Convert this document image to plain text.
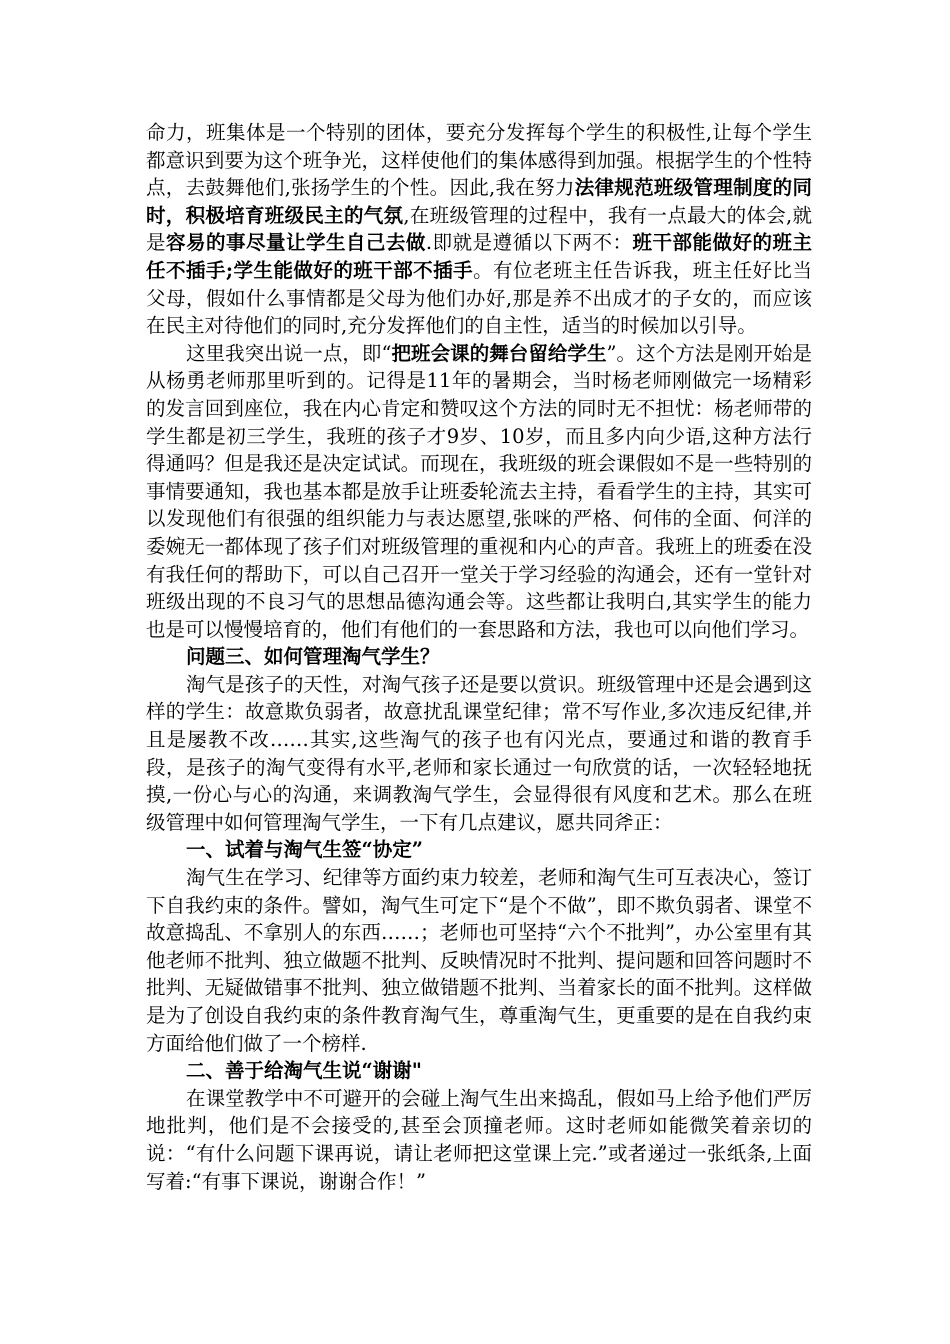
命力，班集体是一个特别的团体，要充分发挥每个学生的积极性,让每个学生都意识到要为这个班争光，这样使他们的集体感得到加强。根据学生的个性特点，去鼓舞他们,张扬学生的个性。因此,我在努力法律规范班级管理制度的同时，积极培育班级民主的气氛,在班级管理的过程中，我有一点最大的体会,就是容易的事尽量让学生自己去做.即就是遵循以下两不：班干部能做好的班主任不插手;学生能做好的班干部不插手。有位老班主任告诉我，班主任好比当父母，假如什么事情都是父母为他们办好,那是养不出成才的子女的，而应该在民主对待他们的同时,充分发挥他们的自主性，适当的时候加以引导。

这里我突出说一点，即“把班会课的舞台留给学生”。这个方法是刚开始是从杨勇老师那里听到的。记得是11年的暑期会，当时杨老师刚做完一场精彩的发言回到座位，我在内心肯定和赞叹这个方法的同时无不担忧：杨老师带的学生都是初三学生，我班的孩子才9岁、10岁，而且多内向少语,这种方法行得通吗？但是我还是决定试试。而现在，我班级的班会课假如不是一些特别的事情要通知，我也基本都是放手让班委轮流去主持，看看学生的主持，其实可以发现他们有很强的组织能力与表达愿望,张咪的严格、何伟的全面、何洋的委婉无一都体现了孩子们对班级管理的重视和内心的声音。我班上的班委在没有我任何的帮助下，可以自己召开一堂关于学习经验的沟通会，还有一堂针对班级出现的不良习气的思想品德沟通会等。这些都让我明白,其实学生的能力也是可以慢慢培育的，他们有他们的一套思路和方法，我也可以向他们学习。

问题三、如何管理淘气学生？

淘气是孩子的天性，对淘气孩子还是要以赏识。班级管理中还是会遇到这样的学生：故意欺负弱者，故意扰乱课堂纪律；常不写作业,多次违反纪律,并且是屡教不改……其实,这些淘气的孩子也有闪光点，要通过和谐的教育手段，是孩子的淘气变得有水平,老师和家长通过一句欣赏的话，一次轻轻地抚摸,一份心与心的沟通，来调教淘气学生，会显得很有风度和艺术。那么在班级管理中如何管理淘气学生，一下有几点建议，愿共同斧正：

一、试着与淘气生签“协定”

淘气生在学习、纪律等方面约束力较差，老师和淘气生可互表决心，签订下自我约束的条件。譬如，淘气生可定下“是个不做”，即不欺负弱者、课堂不故意捣乱、不拿别人的东西……；老师也可坚持“六个不批判”，办公室里有其他老师不批判、独立做题不批判、反映情况时不批判、提问题和回答问题时不批判、无疑做错事不批判、独立做错题不批判、当着家长的面不批判。这样做是为了创设自我约束的条件教育淘气生，尊重淘气生，更重要的是在自我约束方面给他们做了一个榜样.

二、善于给淘气生说“谢谢"

在课堂教学中不可避开的会碰上淘气生出来捣乱，假如马上给予他们严厉地批判，他们是不会接受的,甚至会顶撞老师。这时老师如能微笑着亲切的说：“有什么问题下课再说，请让老师把这堂课上完.”或者递过一张纸条,上面写着:“有事下课说，谢谢合作！”
